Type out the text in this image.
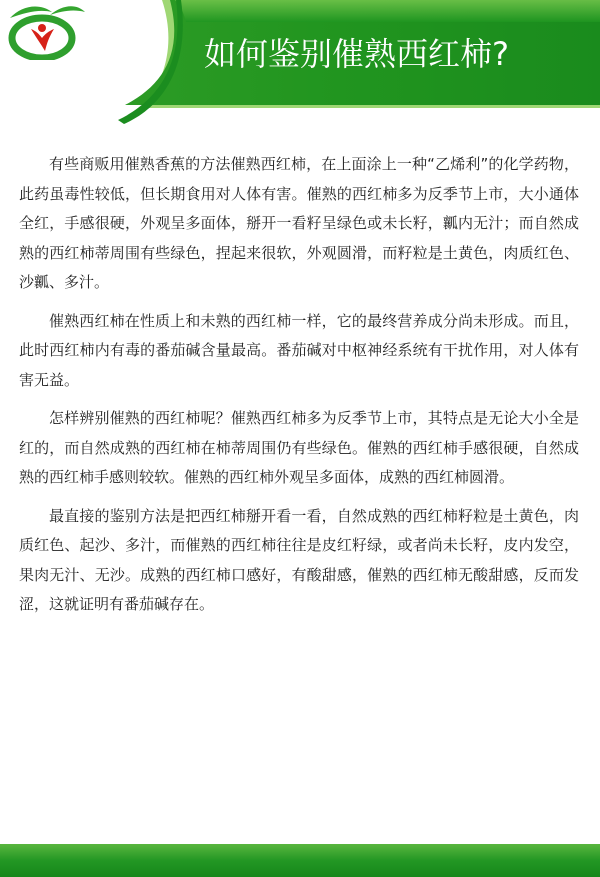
如何鉴别催熟西红柿?

有些商贩用催熟香蕉的方法催熟西红柿，在上面涂上一种“乙烯利”的化学药物，此药虽毒性较低，但长期食用对人体有害。催熟的西红柿多为反季节上市，大小通体全红，手感很硬，外观呈多面体，掰开一看籽呈绿色或未长籽，瓤内无汁；而自然成熟的西红柿蒂周围有些绿色，捏起来很软，外观圆滑，而籽粒是土黄色，肉质红色、沙瓤、多汁。

催熟西红柿在性质上和未熟的西红柿一样，它的最终营养成分尚未形成。而且，此时西红柿内有毒的番茄碱含量最高。番茄碱对中枢神经系统有干扰作用，对人体有害无益。

怎样辨别催熟的西红柿呢？催熟西红柿多为反季节上市，其特点是无论大小全是红的，而自然成熟的西红柿在柿蒂周围仍有些绿色。催熟的西红柿手感很硬，自然成熟的西红柿手感则较软。催熟的西红柿外观呈多面体，成熟的西红柿圆滑。

最直接的鉴别方法是把西红柿掰开看一看，自然成熟的西红柿籽粒是土黄色，肉质红色、起沙、多汁，而催熟的西红柿往往是皮红籽绿，或者尚未长籽，皮内发空，果肉无汁、无沙。成熟的西红柿口感好，有酸甜感，催熟的西红柿无酸甜感，反而发涩，这就证明有番茄碱存在。
